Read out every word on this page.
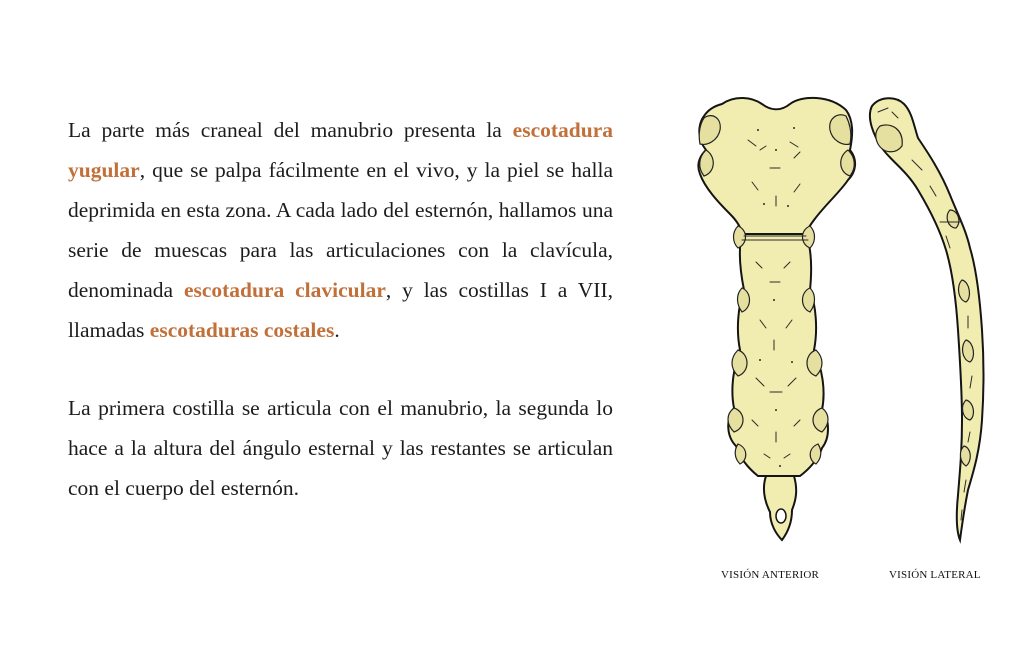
La parte más craneal del manubrio presenta la escotadura yugular, que se palpa fácilmente en el vivo, y la piel se halla deprimida en esta zona. A cada lado del esternón, hallamos una serie de muescas para las articulaciones con la clavícula, denominada escotadura clavicular, y las costillas I a VII, llamadas escotaduras costales.

La primera costilla se articula con el manubrio, la segunda lo hace a la altura del ángulo esternal y las restantes se articulan con el cuerpo del esternón.

VISIÓN ANTERIOR	VISIÓN LATERAL
